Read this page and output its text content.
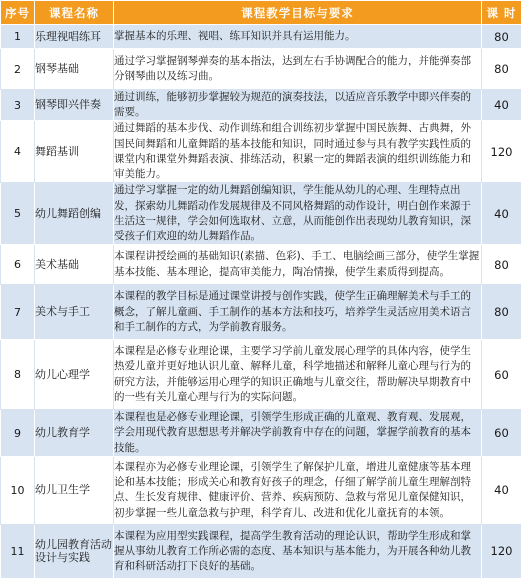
序号	课程名称	课程教学目标与要求	课 时
1	乐理视唱练耳	掌握基本的乐理、视唱、练耳知识并具有运用能力。	80
2	钢琴基础	通过学习掌握钢琴弹奏的基本指法，达到左右手协调配合的能力，并能弹奏部分钢琴曲以及练习曲。	80
3	钢琴即兴伴奏	通过训练，能够初步掌握较为规范的演奏技法，以适应音乐教学中即兴伴奏的需要。	40
4	舞蹈基训	通过舞蹈的基本步伐、动作训练和组合训练初步掌握中国民族舞、古典舞，外国民间舞蹈和儿童舞蹈的基本技能和知识，同时通过参与具有教学实践性质的课堂内和课堂外舞蹈表演、排练活动，积累一定的舞蹈表演的组织训练能力和审美能力。	120
5	幼儿舞蹈创编	通过学习掌握一定的幼儿舞蹈创编知识，学生能从幼儿的心理、生理特点出发，探索幼儿舞蹈动作发展规律及不同风格舞蹈的动作设计，明白创作来源于生活这一规律，学会如何选取材、立意，从而能创作出表现幼儿教育知识，深受孩子们欢迎的幼儿舞蹈作品。	40
6	美术基础	本课程讲授绘画的基础知识(素描、色彩)、手工、电脑绘画三部分，使学生掌握基本技能、基本理论，提高审美能力，陶冶情操，使学生素质得到提高。	80
7	美术与手工	本课程的教学目标是通过课堂讲授与创作实践，使学生正确理解美术与手工的概念，了解儿童画、手工制作的基本方法和技巧，培养学生灵活应用美术语言和手工制作的方式，为学前教育服务。	80
8	幼儿心理学	本课程是必修专业理论课，主要学习学前儿童发展心理学的具体内容，使学生热爱儿童并更好地认识儿童、解释儿童，科学地描述和解释儿童心理与行为的研究方法，并能够运用心理学的知识正确地与儿童交往，帮助解决早期教育中的一些有关儿童心理与行为的实际问题。	60
9	幼儿教育学	本课程也是必修专业理论课，引领学生形成正确的儿童观、教育观、发展观，学会用现代教育思想思考并解决学前教育中存在的问题，掌握学前教育的基本技能。	60
10	幼儿卫生学	本课程亦为必修专业理论课，引领学生了解保护儿童，增进儿童健康等基本理论和基本技能；形成关心和教育好孩子的理念，仔细了解学前儿童生理解剖特点、生长发育规律、健康评价、营养、疾病预防、急救与常见儿童保健知识，初步掌握一些儿童急救与护理，科学育儿、改进和优化儿童抚育的本领。	40
11	幼儿园教育活动设计与实践	本课程为应用型实践课程，提高学生教育活动的理论认识，帮助学生形成和掌握从事幼儿教育工作所必需的态度、基本知识与基本能力，为开展各种幼儿教育和科研活动打下良好的基础。	120
